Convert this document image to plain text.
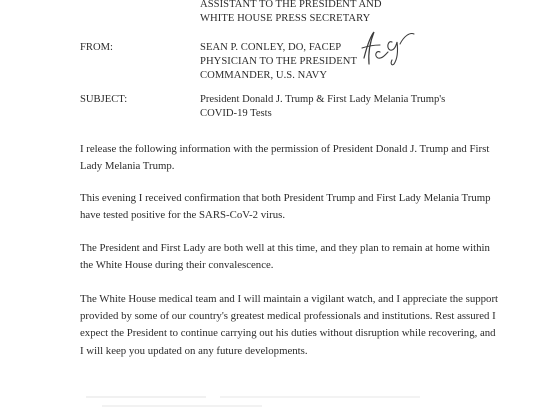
ASSISTANT TO THE PRESIDENT AND
WHITE HOUSE PRESS SECRETARY
FROM:	SEAN P. CONLEY, DO, FACEP
PHYSICIAN TO THE PRESIDENT
COMMANDER, U.S. NAVY
SUBJECT:	President Donald J. Trump & First Lady Melania Trump's
COVID-19 Tests

I release the following information with the permission of President Donald J. Trump and First
Lady Melania Trump.

This evening I received confirmation that both President Trump and First Lady Melania Trump
have tested positive for the SARS-CoV-2 virus.

The President and First Lady are both well at this time, and they plan to remain at home within
the White House during their convalescence.

The White House medical team and I will maintain a vigilant watch, and I appreciate the support
provided by some of our country's greatest medical professionals and institutions. Rest assured I
expect the President to continue carrying out his duties without disruption while recovering, and
I will keep you updated on any future developments.
